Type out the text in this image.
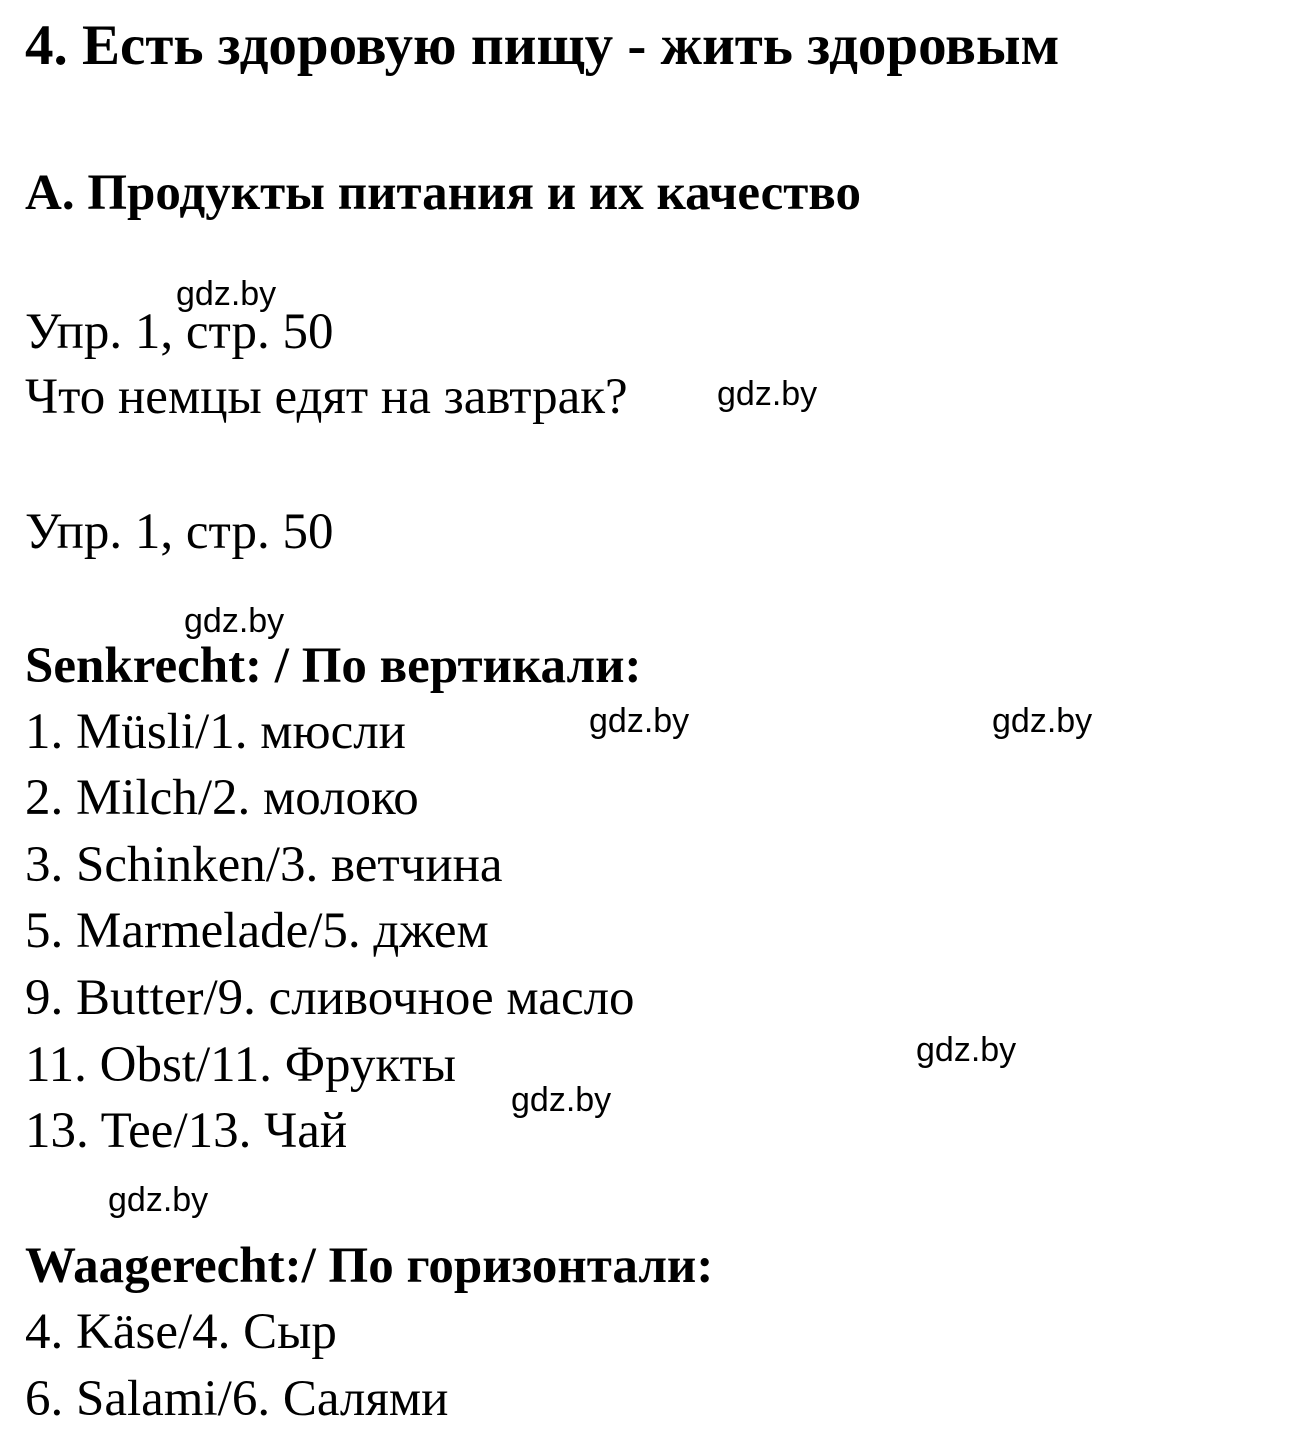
4. Есть здоровую пищу - жить здоровым
A. Продукты питания и их качество
Упр. 1, стр. 50
Что немцы едят на завтрак?
Упр. 1, стр. 50
Senkrecht: / По вертикали:
1. Müsli/1. мюсли
2. Milch/2. молоко
3. Schinken/3. ветчина
5. Marmelade/5. джем
9. Butter/9. сливочное масло
11. Obst/11. Фрукты
13. Tee/13. Чай
Waagerecht:/ По горизонтали:
4. Käse/4. Сыр
6. Salami/6. Салями
gdz.by
gdz.by
gdz.by
gdz.by	gdz.by
gdz.by
gdz.by
gdz.by
